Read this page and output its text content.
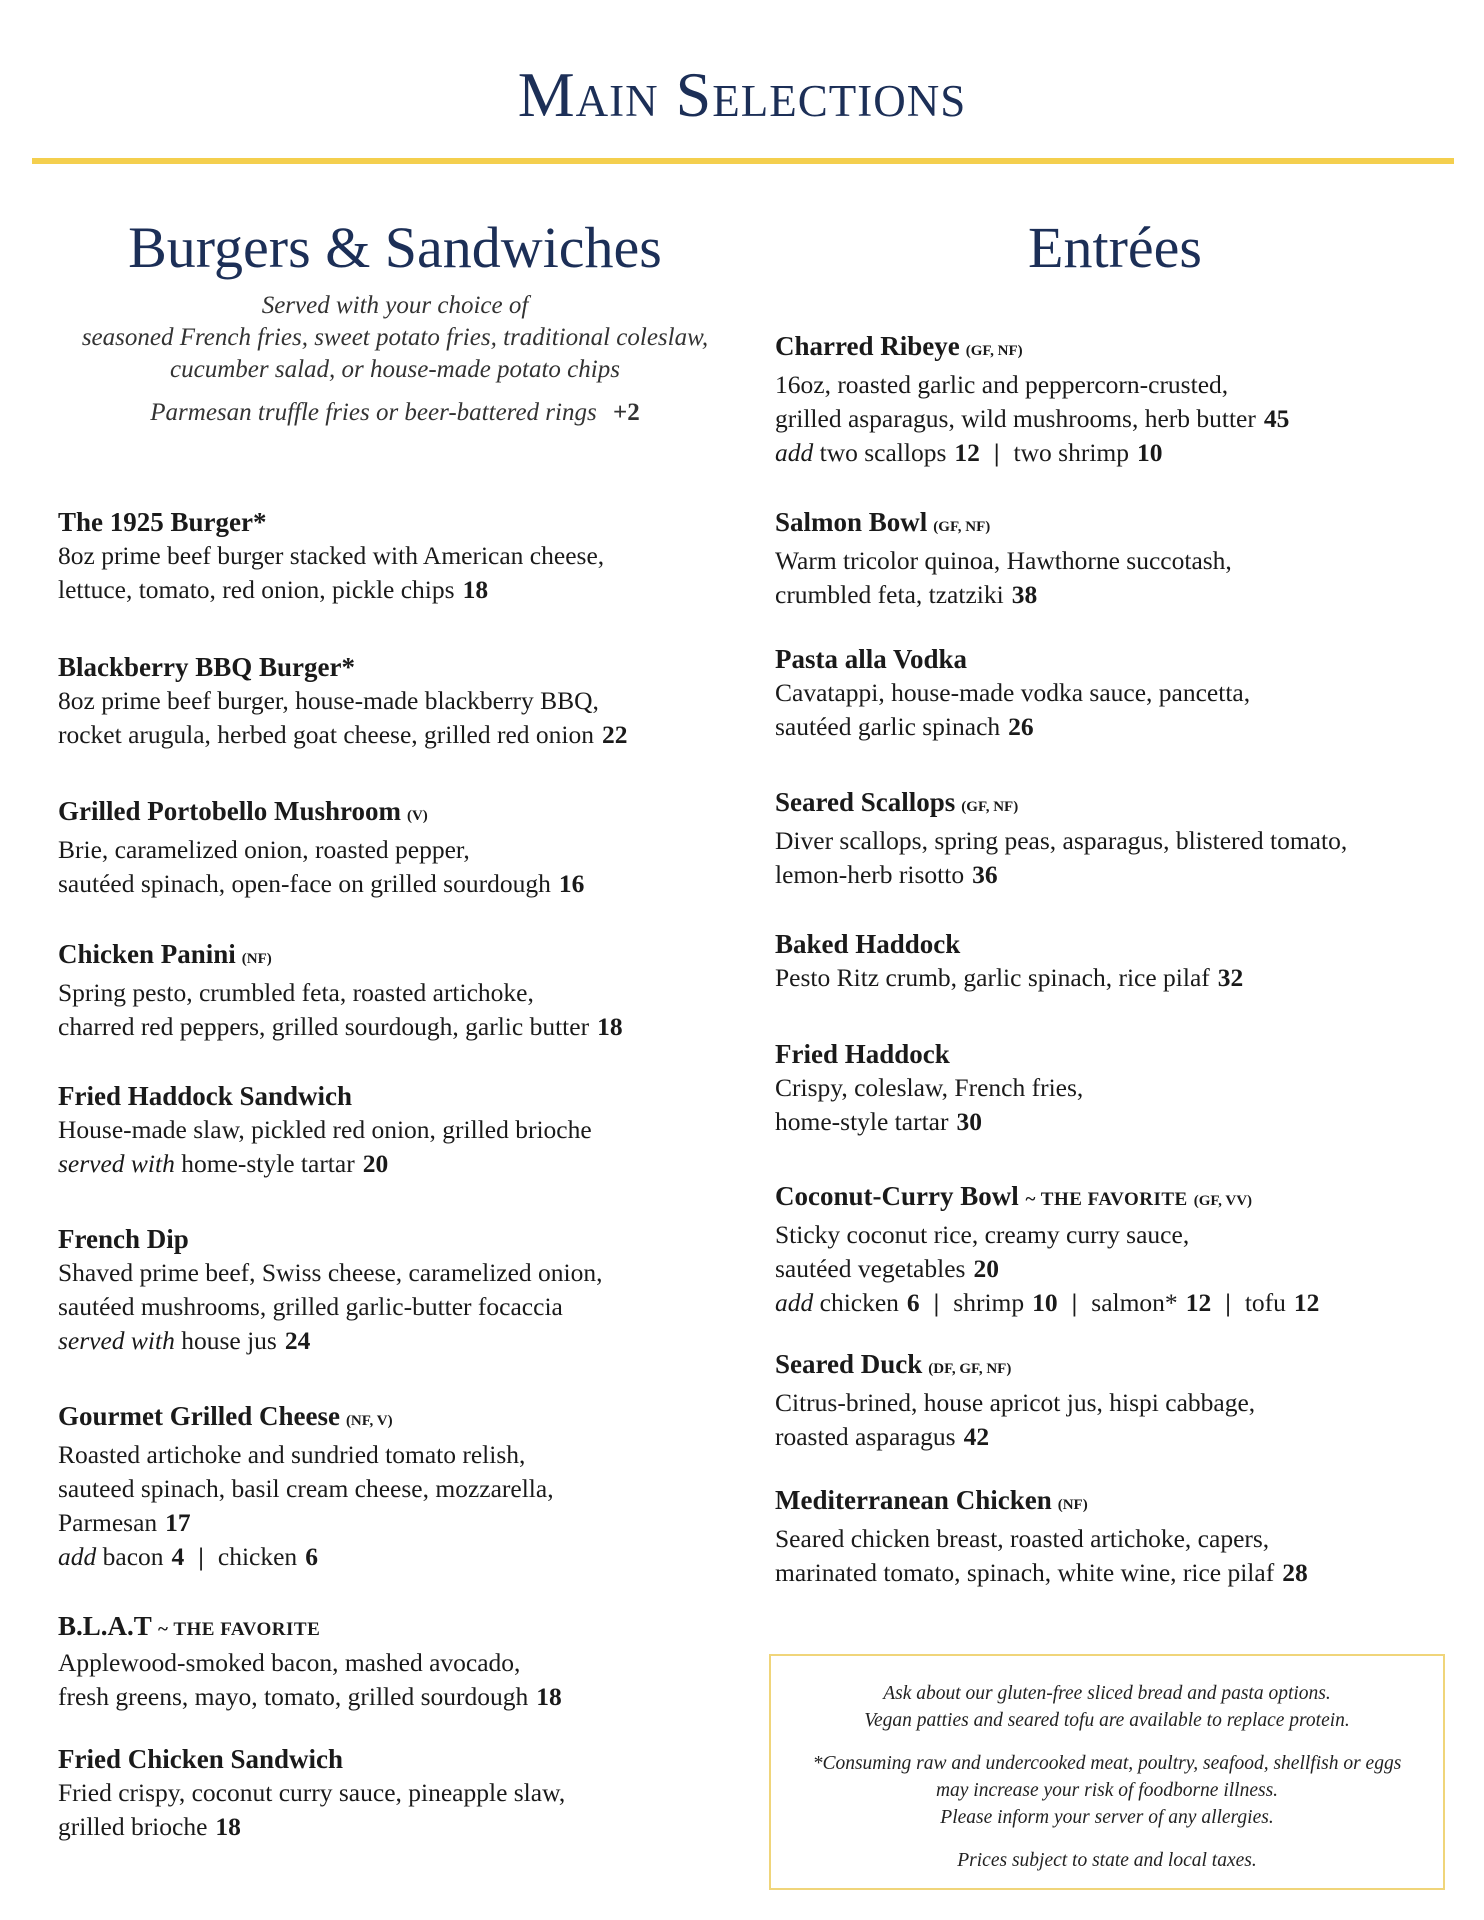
Main Selections
Burgers & Sandwiches
Served with your choice of
seasoned French fries, sweet potato fries, traditional coleslaw,
cucumber salad, or house-made potato chips
Parmesan truffle fries or beer-battered rings +2
Entrées
The 1925 Burger*
8oz prime beef burger stacked with American cheese,
lettuce, tomato, red onion, pickle chips 18
Blackberry BBQ Burger*
8oz prime beef burger, house-made blackberry BBQ,
rocket arugula, herbed goat cheese, grilled red onion 22
Grilled Portobello Mushroom (V)
Brie, caramelized onion, roasted pepper,
sautéed spinach, open-face on grilled sourdough 16
Chicken Panini (NF)
Spring pesto, crumbled feta, roasted artichoke,
charred red peppers, grilled sourdough, garlic butter 18
Fried Haddock Sandwich
House-made slaw, pickled red onion, grilled brioche
served with home-style tartar 20
French Dip
Shaved prime beef, Swiss cheese, caramelized onion,
sautéed mushrooms, grilled garlic-butter focaccia
served with house jus 24
Gourmet Grilled Cheese (NF, V)
Roasted artichoke and sundried tomato relish,
sauteed spinach, basil cream cheese, mozzarella,
Parmesan 17
add bacon 4 | chicken 6
B.L.A.T ~ THE FAVORITE
Applewood-smoked bacon, mashed avocado,
fresh greens, mayo, tomato, grilled sourdough 18
Fried Chicken Sandwich
Fried crispy, coconut curry sauce, pineapple slaw,
grilled brioche 18
Charred Ribeye (GF, NF)
16oz, roasted garlic and peppercorn-crusted,
grilled asparagus, wild mushrooms, herb butter 45
add two scallops 12 | two shrimp 10
Salmon Bowl (GF, NF)
Warm tricolor quinoa, Hawthorne succotash,
crumbled feta, tzatziki 38
Pasta alla Vodka
Cavatappi, house-made vodka sauce, pancetta,
sautéed garlic spinach 26
Seared Scallops (GF, NF)
Diver scallops, spring peas, asparagus, blistered tomato,
lemon-herb risotto 36
Baked Haddock
Pesto Ritz crumb, garlic spinach, rice pilaf 32
Fried Haddock
Crispy, coleslaw, French fries,
home-style tartar 30
Coconut-Curry Bowl ~ THE FAVORITE (GF, VV)
Sticky coconut rice, creamy curry sauce,
sautéed vegetables 20
add chicken 6 | shrimp 10 | salmon* 12 | tofu 12
Seared Duck (DF, GF, NF)
Citrus-brined, house apricot jus, hispi cabbage,
roasted asparagus 42
Mediterranean Chicken (NF)
Seared chicken breast, roasted artichoke, capers,
marinated tomato, spinach, white wine, rice pilaf 28
Ask about our gluten-free sliced bread and pasta options.
Vegan patties and seared tofu are available to replace protein.
*Consuming raw and undercooked meat, poultry, seafood, shellfish or eggs
may increase your risk of foodborne illness.
Please inform your server of any allergies.
Prices subject to state and local taxes.
